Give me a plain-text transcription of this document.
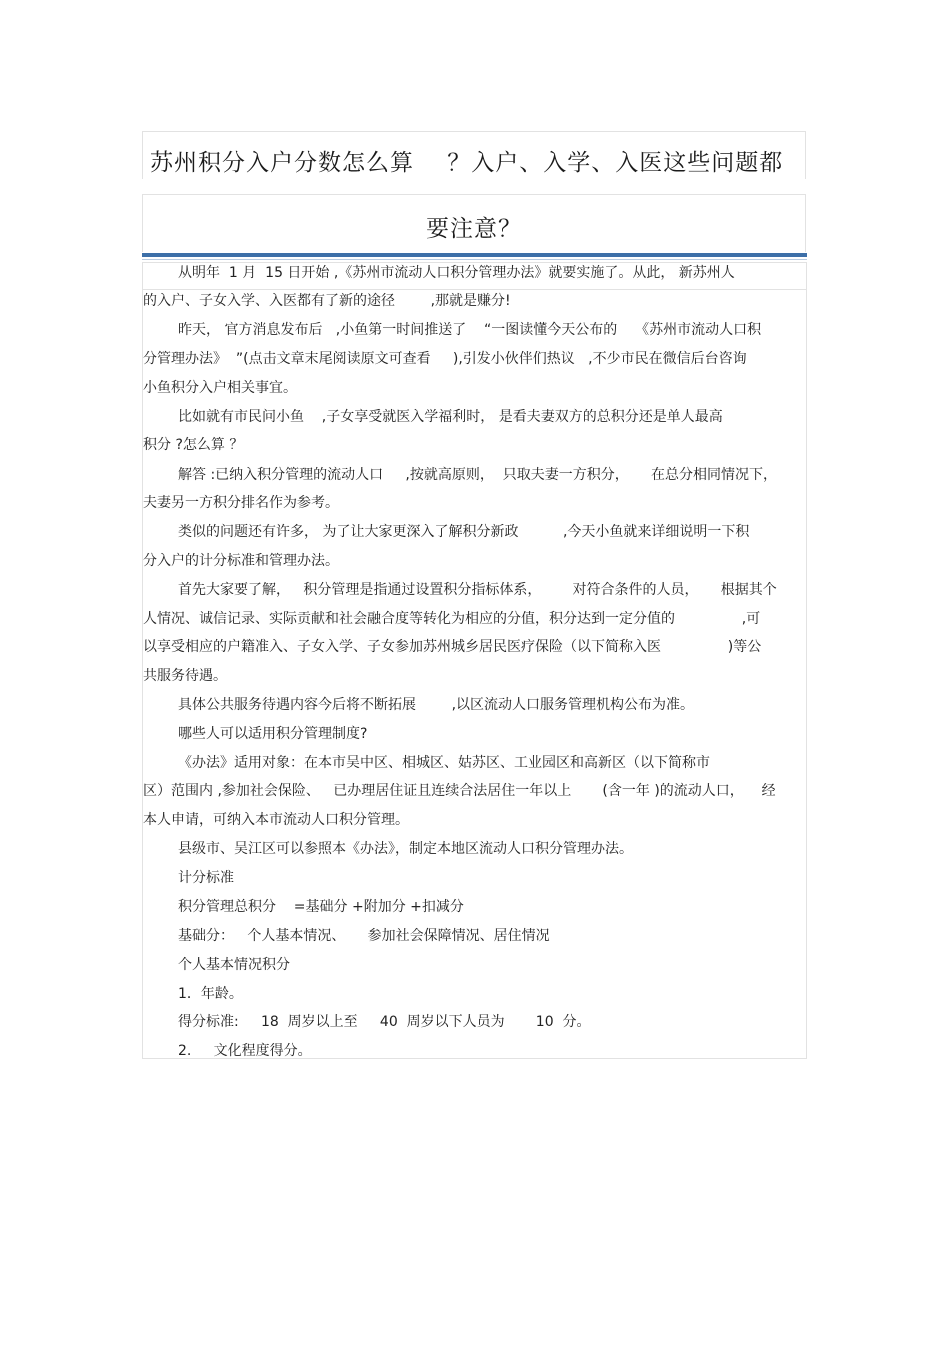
苏州积分入户分数怎么算    ？入户、入学、入医这些问题都
要注意？
从明年  1 月  15 日开始 ,《苏州市流动人口积分管理办法》就要实施了。从此， 新苏州人
的入户、子女入学、入医都有了新的途径        ,那就是赚分!
昨天， 官方消息发布后   ,小鱼第一时间推送了    “一图读懂今天公布的    《苏州市流动人口积
分管理办法》  ”(点击文章末尾阅读原文可查看     ),引发小伙伴们热议   ,不少市民在微信后台咨询
小鱼积分入户相关事宜。
比如就有市民问小鱼    ,子女享受就医入学福利时， 是看夫妻双方的总积分还是单人最高
积分 ?怎么算 ？
解答 :已纳入积分管理的流动人口     ,按就高原则，  只取夫妻一方积分，     在总分相同情况下，
夫妻另一方积分排名作为参考。
类似的问题还有许多， 为了让大家更深入了解积分新政          ,今天小鱼就来详细说明一下积
分入户的计分标准和管理办法。
首先大家要了解，   积分管理是指通过设置积分指标体系，       对符合条件的人员，     根据其个
人情况、诚信记录、实际贡献和社会融合度等转化为相应的分值，积分达到一定分值的               ,可
以享受相应的户籍准入、子女入学、子女参加苏州城乡居民医疗保险（以下简称入医               )等公
共服务待遇。
具体公共服务待遇内容今后将不断拓展        ,以区流动人口服务管理机构公布为准。
哪些人可以适用积分管理制度?
《办法》适用对象：在本市吴中区、相城区、姑苏区、工业园区和高新区（以下简称市
区）范围内 ,参加社会保险、   已办理居住证且连续合法居住一年以上       (含一年 )的流动人口，    经
本人申请，可纳入本市流动人口积分管理。
县级市、吴江区可以参照本《办法》，制定本地区流动人口积分管理办法。
计分标准
积分管理总积分    =基础分 +附加分 +扣减分
基础分：   个人基本情况、     参加社会保障情况、居住情况
个人基本情况积分
1．年龄。
得分标准:     18  周岁以上至     40  周岁以下人员为       10  分。
2.     文化程度得分。
